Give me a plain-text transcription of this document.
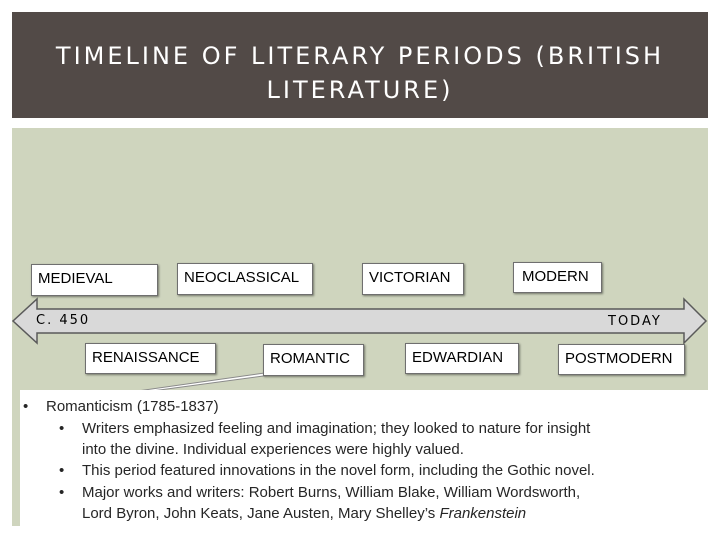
TIMELINE OF LITERARY PERIODS (BRITISH
LITERATURE)
C. 450	TODAY
MEDIEVAL	NEOCLASSICAL	VICTORIAN	MODERN
RENAISSANCE	ROMANTIC	EDWARDIAN	POSTMODERN
• Romanticism (1785-1837)
• Writers emphasized feeling and imagination; they looked to nature for insight
into the divine. Individual experiences were highly valued.
• This period featured innovations in the novel form, including the Gothic novel.
• Major works and writers: Robert Burns, William Blake, William Wordsworth,
Lord Byron, John Keats, Jane Austen, Mary Shelley’s Frankenstein
